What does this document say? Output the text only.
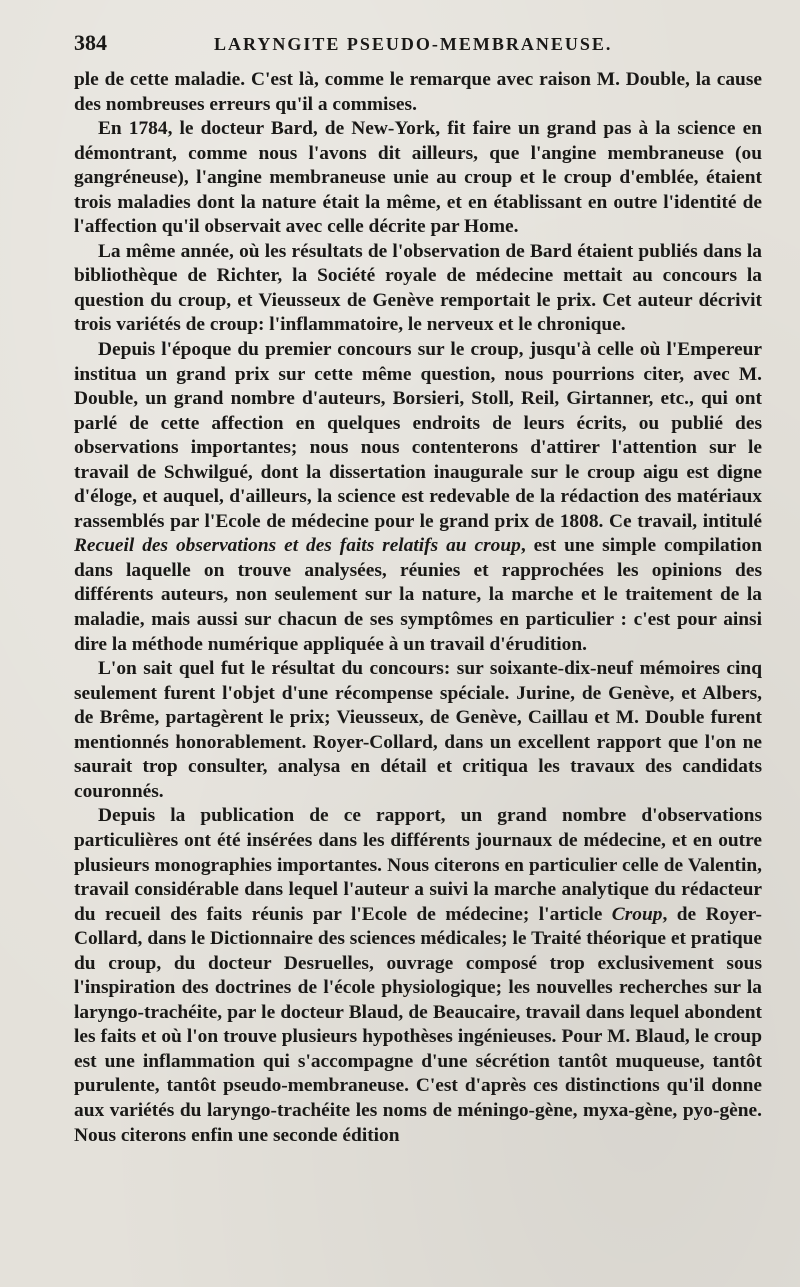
384	LARYNGITE PSEUDO-MEMBRANEUSE.

ple de cette maladie. C'est là, comme le remarque avec raison M. Double, la cause des nombreuses erreurs qu'il a commises.

En 1784, le docteur Bard, de New-York, fit faire un grand pas à la science en démontrant, comme nous l'avons dit ailleurs, que l'angine membraneuse (ou gangréneuse), l'angine membraneuse unie au croup et le croup d'emblée, étaient trois maladies dont la nature était la même, et en établissant en outre l'identité de l'affection qu'il observait avec celle décrite par Home.

La même année, où les résultats de l'observation de Bard étaient publiés dans la bibliothèque de Richter, la Société royale de médecine mettait au concours la question du croup, et Vieusseux de Genève remportait le prix. Cet auteur décrivit trois variétés de croup: l'inflammatoire, le nerveux et le chronique.

Depuis l'époque du premier concours sur le croup, jusqu'à celle où l'Empereur institua un grand prix sur cette même question, nous pourrions citer, avec M. Double, un grand nombre d'auteurs, Borsieri, Stoll, Reil, Girtanner, etc., qui ont parlé de cette affection en quelques endroits de leurs écrits, ou publié des observations importantes; nous nous contenterons d'attirer l'attention sur le travail de Schwilgué, dont la dissertation inaugurale sur le croup aigu est digne d'éloge, et auquel, d'ailleurs, la science est redevable de la rédaction des matériaux rassemblés par l'Ecole de médecine pour le grand prix de 1808. Ce travail, intitulé Recueil des observations et des faits relatifs au croup, est une simple compilation dans laquelle on trouve analysées, réunies et rapprochées les opinions des différents auteurs, non seulement sur la nature, la marche et le traitement de la maladie, mais aussi sur chacun de ses symptômes en particulier : c'est pour ainsi dire la méthode numérique appliquée à un travail d'érudition.

L'on sait quel fut le résultat du concours: sur soixante-dix-neuf mémoires cinq seulement furent l'objet d'une récompense spéciale. Jurine, de Genève, et Albers, de Brême, partagèrent le prix; Vieusseux, de Genève, Caillau et M. Double furent mentionnés honorablement. Royer-Collard, dans un excellent rapport que l'on ne saurait trop consulter, analysa en détail et critiqua les travaux des candidats couronnés.

Depuis la publication de ce rapport, un grand nombre d'observations particulières ont été insérées dans les différents journaux de médecine, et en outre plusieurs monographies importantes. Nous citerons en particulier celle de Valentin, travail considérable dans lequel l'auteur a suivi la marche analytique du rédacteur du recueil des faits réunis par l'Ecole de médecine; l'article Croup, de Royer-Collard, dans le Dictionnaire des sciences médicales; le Traité théorique et pratique du croup, du docteur Desruelles, ouvrage composé trop exclusivement sous l'inspiration des doctrines de l'école physiologique; les nouvelles recherches sur la laryngo-trachéite, par le docteur Blaud, de Beaucaire, travail dans lequel abondent les faits et où l'on trouve plusieurs hypothèses ingénieuses. Pour M. Blaud, le croup est une inflammation qui s'accompagne d'une sécrétion tantôt muqueuse, tantôt purulente, tantôt pseudo-membraneuse. C'est d'après ces distinctions qu'il donne aux variétés du laryngo-trachéite les noms de méningo-gène, myxa-gène, pyo-gène. Nous citerons enfin une seconde édition
